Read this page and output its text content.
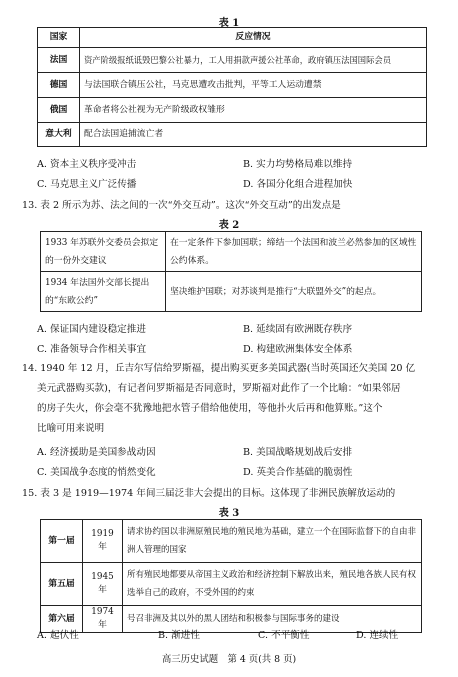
表 1
国家	反应情况
法国	资产阶级报纸诋毁巴黎公社暴力，工人用捐款声援公社革命，政府镇压法国国际会员
德国	与法国联合镇压公社，马克思遭攻击批判，平等工人运动遭禁
俄国	革命者将公社视为无产阶级政权雏形
意大利	配合法国追捕流亡者
A. 资本主义秩序受冲击	B. 实力均势格局难以维持
C. 马克思主义广泛传播	D. 各国分化组合进程加快
13. 表 2 所示为苏、法之间的一次“外交互动”。这次“外交互动”的出发点是
表 2
1933 年苏联外交委员会拟定的一份外交建议	在一定条件下参加国联；缔结一个法国和波兰必然参加的区域性公约体系。
1934 年法国外交部长提出的“东欧公约”	坚决维护国联；对苏谈判是推行“大联盟外交”的起点。
A. 保证国内建设稳定推进	B. 延续固有欧洲既存秩序
C. 准备领导合作相关事宜	D. 构建欧洲集体安全体系
14. 1940 年 12 月，丘吉尔写信给罗斯福，提出购买更多美国武器(当时英国还欠美国 20 亿
美元武器购买款)，有记者问罗斯福是否同意时，罗斯福对此作了一个比喻：“如果邻居
的房子失火，你会毫不犹豫地把水管子借给他使用，等他扑火后再和他算账。”这个
比喻可用来说明
A. 经济援助是美国参战动因	B. 美国战略规划战后安排
C. 美国战争态度的悄然变化	D. 英美合作基础的脆弱性
15. 表 3 是 1919—1974 年间三届泛非大会提出的目标。这体现了非洲民族解放运动的
表 3
第一届	1919 年	请求协约国以非洲原殖民地的殖民地为基础，建立一个在国际监督下的自由非洲人管理的国家
第五届	1945 年	所有殖民地都要从帝国主义政治和经济控制下解放出来，殖民地各族人民有权选举自己的政府，不受外国的约束
第六届	1974 年	号召非洲及其以外的黑人团结和积极参与国际事务的建设
A. 起伏性	B. 渐进性	C. 不平衡性	D. 连续性
高三历史试题　第 4 页(共 8 页)
